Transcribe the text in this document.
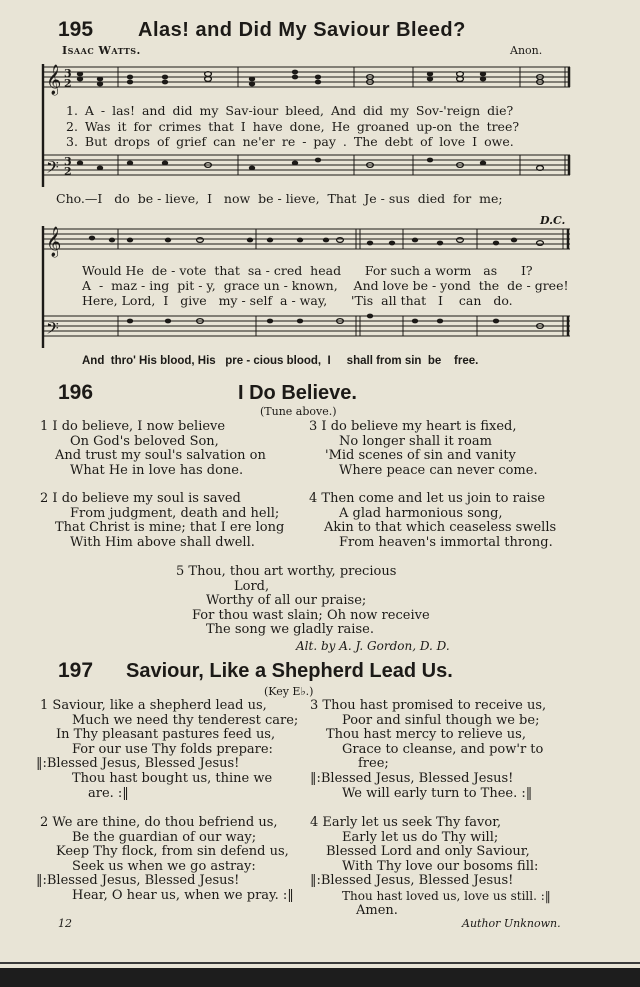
195 Alas! and Did My Saviour Bleed?
Isaac Watts.	Anon.
𝄞
𝄢
𝄞
𝄢
3
2
3
2
1. A - las! and did my Sav-iour bleed, And did my Sov-'reign die?
2. Was it for crimes that I have done, He groaned up-on the tree?
3. But drops of grief can ne'er re - pay . The debt of love I owe.
Cho.—I   do  be - lieve,  I   now  be - lieve,  That  Je - sus  died  for  me;
D.C.
Would He  de - vote  that  sa - cred  head      For such a worm   as      I?
A  -  maz - ing  pit - y,  grace un - known,    And love be - yond  the  de - gree!
Here, Lord,  I   give   my - self  a - way,      'Tis  all that   I    can   do.
And  thro' His blood, His   pre - cious blood,  I     shall from sin  be    free.
196	I Do Believe.
(Tune above.)
1 I do believe, I now believe
On God's beloved Son,
And trust my soul's salvation on
What He in love has done.
2 I do believe my soul is saved
From judgment, death and hell;
That Christ is mine; that I ere long
With Him above shall dwell.
3 I do believe my heart is fixed,
No longer shall it roam
'Mid scenes of sin and vanity
Where peace can never come.
4 Then come and let us join to raise
A glad harmonious song,
Akin to that which ceaseless swells
From heaven's immortal throng.
5 Thou, thou art worthy, precious
Lord,
Worthy of all our praise;
For thou wast slain; Oh now receive
The song we gladly raise.
Alt. by A. J. Gordon, D. D.
197 Saviour, Like a Shepherd Lead Us.
(Key E♭.)
1 Saviour, like a shepherd lead us,
Much we need thy tenderest care;
In Thy pleasant pastures feed us,
For our use Thy folds prepare:
‖:Blessed Jesus, Blessed Jesus!
Thou hast bought us, thine we
are. :‖
2 We are thine, do thou befriend us,
Be the guardian of our way;
Keep Thy flock, from sin defend us,
Seek us when we go astray:
‖:Blessed Jesus, Blessed Jesus!
Hear, O hear us, when we pray. :‖
3 Thou hast promised to receive us,
Poor and sinful though we be;
Thou hast mercy to relieve us,
Grace to cleanse, and pow'r to
free;
‖:Blessed Jesus, Blessed Jesus!
We will early turn to Thee. :‖
4 Early let us seek Thy favor,
Early let us do Thy will;
Blessed Lord and only Saviour,
With Thy love our bosoms fill:
‖:Blessed Jesus, Blessed Jesus!
Thou hast loved us, love us still. :‖
Amen.
12	Author Unknown.
